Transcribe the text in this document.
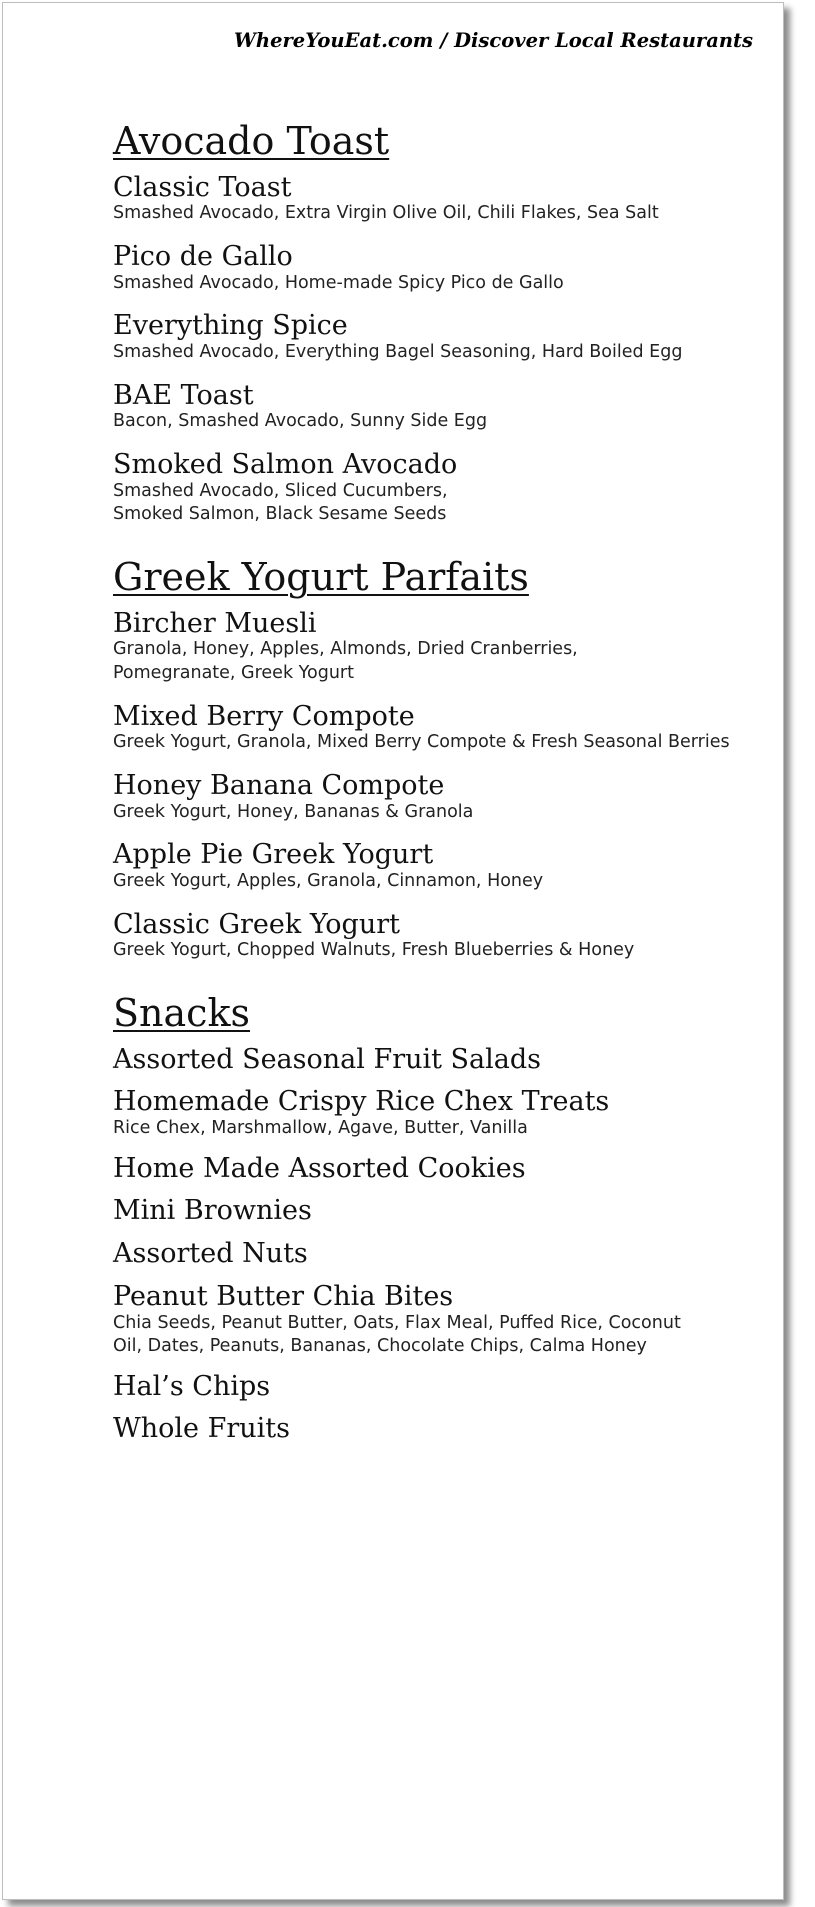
WhereYouEat.com / Discover Local Restaurants
Avocado Toast
Classic Toast
Smashed Avocado, Extra Virgin Olive Oil, Chili Flakes, Sea Salt
Pico de Gallo
Smashed Avocado, Home-made Spicy Pico de Gallo
Everything Spice
Smashed Avocado, Everything Bagel Seasoning, Hard Boiled Egg
BAE Toast
Bacon, Smashed Avocado, Sunny Side Egg
Smoked Salmon Avocado
Smashed Avocado, Sliced Cucumbers,
Smoked Salmon, Black Sesame Seeds
Greek Yogurt Parfaits
Bircher Muesli
Granola, Honey, Apples, Almonds, Dried Cranberries,
Pomegranate, Greek Yogurt
Mixed Berry Compote
Greek Yogurt, Granola, Mixed Berry Compote & Fresh Seasonal Berries
Honey Banana Compote
Greek Yogurt, Honey, Bananas & Granola
Apple Pie Greek Yogurt
Greek Yogurt, Apples, Granola, Cinnamon, Honey
Classic Greek Yogurt
Greek Yogurt, Chopped Walnuts, Fresh Blueberries & Honey
Snacks
Assorted Seasonal Fruit Salads
Homemade Crispy Rice Chex Treats
Rice Chex, Marshmallow, Agave, Butter, Vanilla
Home Made Assorted Cookies
Mini Brownies
Assorted Nuts
Peanut Butter Chia Bites
Chia Seeds, Peanut Butter, Oats, Flax Meal, Puffed Rice, Coconut
Oil, Dates, Peanuts, Bananas, Chocolate Chips, Calma Honey
Hal’s Chips
Whole Fruits
